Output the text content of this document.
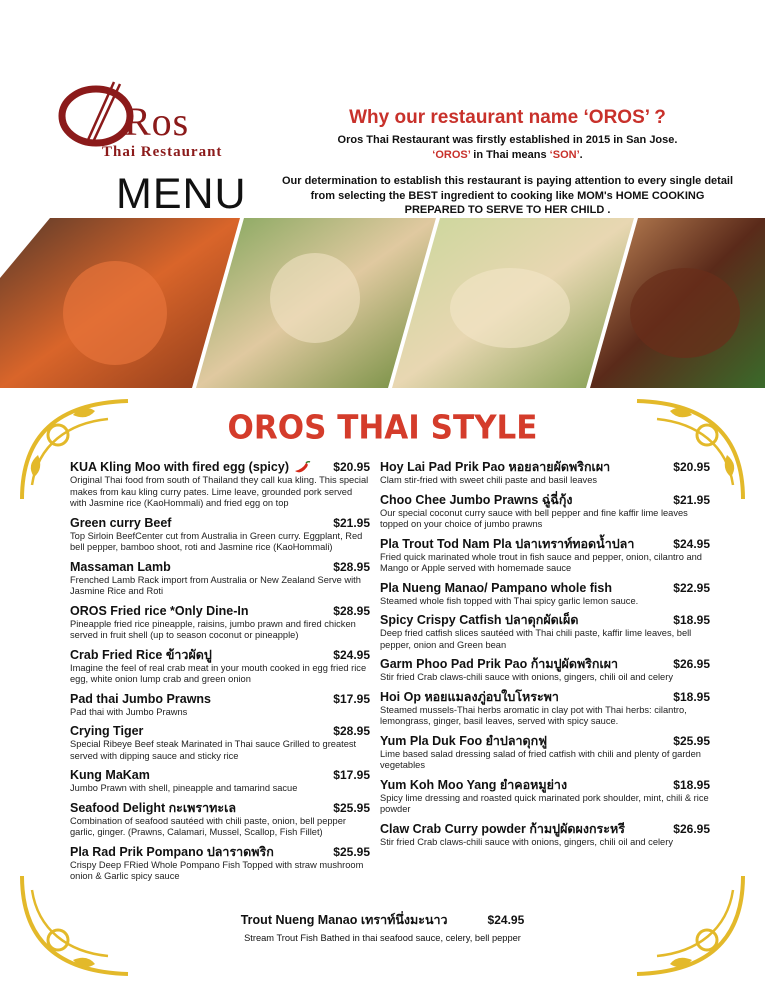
Ros
Thai Restaurant
MENU
Why our restaurant name ‘OROS’ ?

Oros Thai Restaurant was firstly established in 2015 in San Jose.

‘OROS’ in Thai means ‘SON’.

Our determination to establish this restaurant is paying attention to every single detail

from selecting the BEST ingredient to cooking like MOM's HOME COOKING

PREPARED TO SERVE TO HER CHILD .

OROS THAI STYLE
KUA Kling Moo with fired egg (spicy)	$20.95
Original Thai food from south of Thailand they call kua kling. This special makes from kau kling curry pates. Lime leave, grounded pork served with Jasmine rice (KaoHommali) and fried egg on top
Green curry Beef	$21.95
Top Sirloin BeefCenter cut from Australia in Green curry. Eggplant, Red bell pepper, bamboo shoot, roti and Jasmine rice (KaoHommali)
Massaman Lamb	$28.95
Frenched Lamb Rack import from Australia or New Zealand Serve with Jasmine Rice and Roti
OROS Fried rice *Only Dine-In	$28.95
Pineapple fried rice pineapple, raisins, jumbo prawn and fired chicken served in fruit shell (up to season coconut or pineapple)
Crab Fried Rice ข้าวผัดปู	$24.95
Imagine the feel of real crab meat in your mouth cooked in egg fried rice egg, white onion lump crab and green onion
Pad thai Jumbo Prawns	$17.95
Pad thai with Jumbo Prawns
Crying Tiger	$28.95
Special Ribeye Beef steak Marinated in Thai sauce Grilled to greatest served with dipping sauce and sticky rice
Kung MaKam	$17.95
Jumbo Prawn with shell, pineapple and tamarind sacue
Seafood Delight กะเพราทะเล	$25.95
Combination of seafood sautéed with chili paste, onion, bell pepper garlic, ginger. (Prawns, Calamari, Mussel, Scallop, Fish Fillet)
Pla Rad Prik Pompano ปลาราดพริก	$25.95
Crispy Deep FRied Whole Pompano Fish Topped with straw mushroom onion & Garlic spicy sauce
Hoy Lai Pad Prik Pao หอยลายผัดพริกเผา	$20.95
Clam stir-fried with sweet chili paste and basil leaves
Choo Chee Jumbo Prawns ฉู่ฉี่กุ้ง	$21.95
Our special coconut curry sauce with bell pepper and fine kaffir lime leaves topped on your choice of jumbo prawns
Pla Trout Tod Nam Pla ปลาเทราท์ทอดน้ำปลา	$24.95
Fried quick marinated whole trout in fish sauce and pepper, onion, cilantro and Mango or Apple served with homemade sauce
Pla Nueng Manao/ Pampano whole fish	$22.95
Steamed whole fish topped with Thai spicy garlic lemon sauce.
Spicy Crispy Catfish ปลาดุกผัดเผ็ด	$18.95
Deep fried catfish slices sautéed with Thai chili paste, kaffir lime leaves, bell pepper, onion and Green bean
Garm Phoo Pad Prik Pao ก้ามปูผัดพริกเผา	$26.95
Stir fried Crab claws-chili sauce with onions, gingers, chili oil and celery
Hoi Op หอยแมลงภู่อบใบโหระพา	$18.95
Steamed mussels-Thai herbs aromatic in clay pot with Thai herbs: cilantro, lemongrass, ginger, basil leaves, served with spicy sauce.
Yum Pla Duk Foo ยำปลาดุกฟู	$25.95
Lime based salad dressing salad of fried catfish with chili and plenty of garden vegetables
Yum Koh Moo Yang ยำคอหมูย่าง	$18.95
Spicy lime dressing and roasted quick marinated pork shoulder, mint, chili & rice powder
Claw Crab Curry powder ก้ามปูผัดผงกระหรี	$26.95
Stir fried Crab claws-chili sauce with onions, gingers, chili oil and celery
Trout Nueng Manao เทราท์นึ่งมะนาว	$24.95
Stream Trout Fish Bathed in thai seafood sauce, celery, bell pepper
